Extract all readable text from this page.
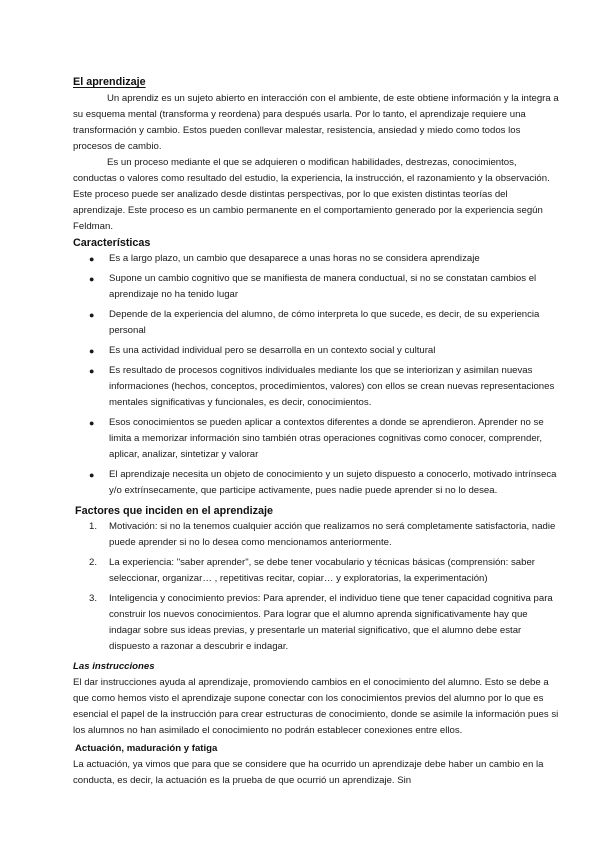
El aprendizaje

Un aprendiz es un sujeto abierto en interacción con el ambiente, de este obtiene información y la integra a su esquema mental (transforma y reordena) para después usarla. Por lo tanto, el aprendizaje requiere una transformación y cambio. Estos pueden conllevar malestar, resistencia, ansiedad y miedo como todos los procesos de cambio.

Es un proceso mediante el que se adquieren o modifican habilidades, destrezas, conocimientos, conductas o valores como resultado del estudio, la experiencia, la instrucción, el razonamiento y la observación. Este proceso puede ser analizado desde distintas perspectivas, por lo que existen distintas teorías del aprendizaje. Este proceso es un cambio permanente en el comportamiento generado por la experiencia según Feldman.

Características
● Es a largo plazo, un cambio que desaparece a unas horas no se considera aprendizaje
● Supone un cambio cognitivo que se manifiesta de manera conductual, si no se constatan cambios el aprendizaje no ha tenido lugar
● Depende de la experiencia del alumno, de cómo interpreta lo que sucede, es decir, de su experiencia personal
● Es una actividad individual pero se desarrolla en un contexto social y cultural
● Es resultado de procesos cognitivos individuales mediante los que se interiorizan y asimilan nuevas informaciones (hechos, conceptos, procedimientos, valores) con ellos se crean nuevas representaciones mentales significativas y funcionales, es decir, conocimientos.
● Esos conocimientos se pueden aplicar a contextos diferentes a donde se aprendieron. Aprender no se limita a memorizar información sino también otras operaciones cognitivas como conocer, comprender, aplicar, analizar, sintetizar y valorar
● El aprendizaje necesita un objeto de conocimiento y un sujeto dispuesto a conocerlo, motivado intrínseca y/o extrínsecamente, que participe activamente, pues nadie puede aprender si no lo desea.
Factores que inciden en el aprendizaje
1. Motivación: si no la tenemos cualquier acción que realizamos no será completamente satisfactoria, nadie puede aprender si no lo desea como mencionamos anteriormente.
2. La experiencia: "saber aprender", se debe tener vocabulario y técnicas básicas (comprensión: saber seleccionar, organizar… , repetitivas recitar, copiar… y exploratorias, la experimentación)
3. Inteligencia y conocimiento previos: Para aprender, el individuo tiene que tener capacidad cognitiva para construir los nuevos conocimientos. Para lograr que el alumno aprenda significativamente hay que indagar sobre sus ideas previas, y presentarle un material significativo, que el alumno debe estar dispuesto a razonar a descubrir e indagar.
Las instrucciones

El dar instrucciones ayuda al aprendizaje, promoviendo cambios en el conocimiento del alumno. Esto se debe a que como hemos visto el aprendizaje supone conectar con los conocimientos previos del alumno por lo que es esencial el papel de la instrucción para crear estructuras de conocimiento, donde se asimile la información pues si los alumnos no han asimilado el conocimiento no podrán establecer conexiones entre ellos.

Actuación, maduración y fatiga

La actuación, ya vimos que para que se considere que ha ocurrido un aprendizaje debe haber un cambio en la conducta, es decir, la actuación es la prueba de que ocurrió un aprendizaje. Sin
